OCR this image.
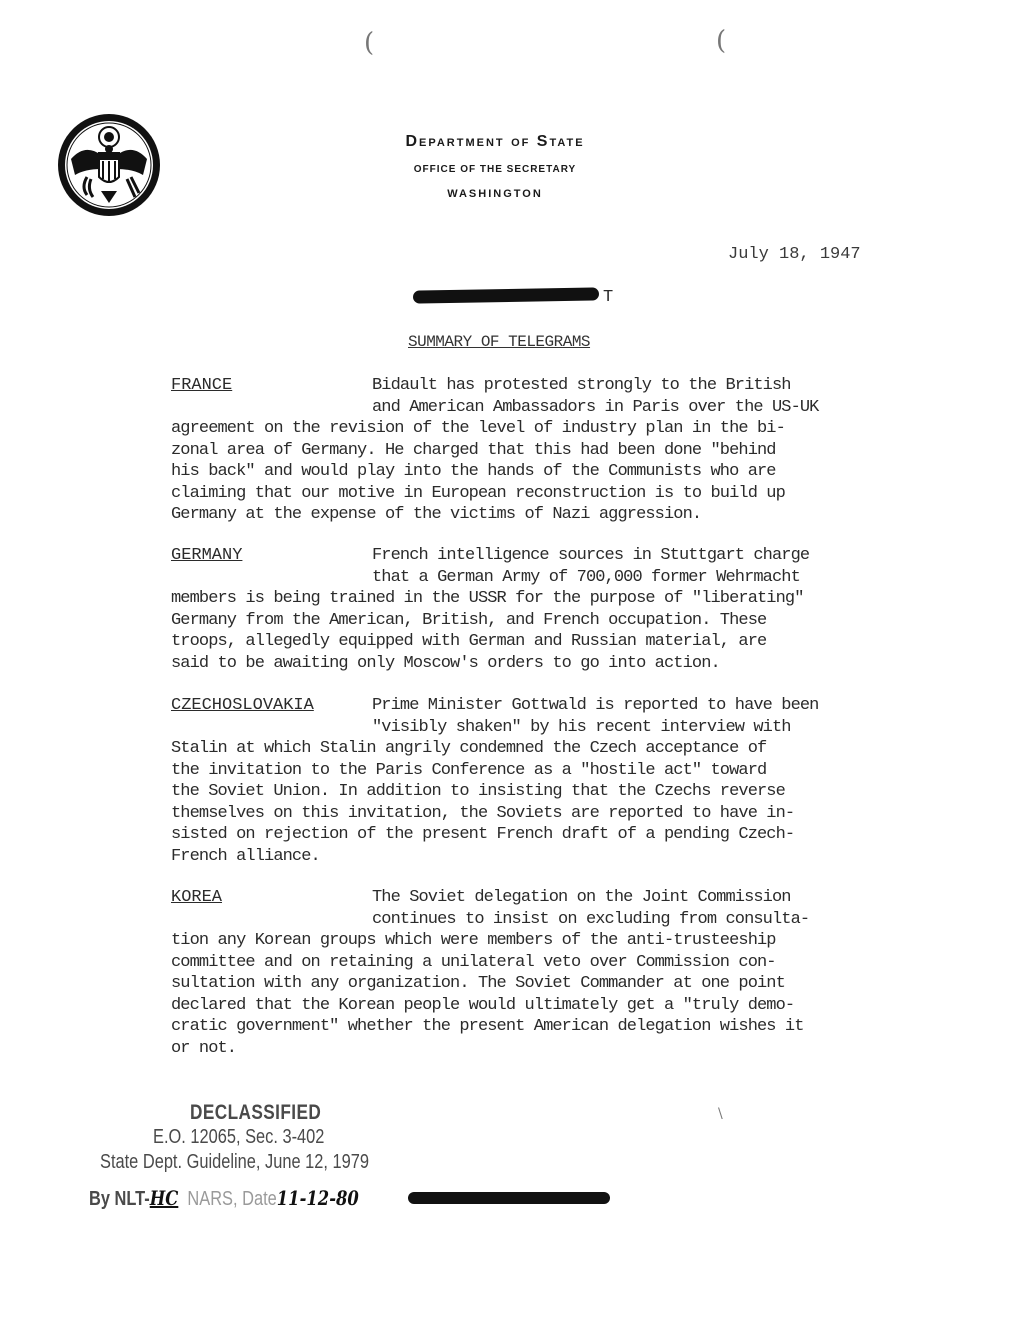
Department of State
OFFICE OF THE SECRETARY
WASHINGTON
July 18, 1947
T
SUMMARY OF TELEGRAMS
FRANCE	Bidault has protested strongly to the British
and American Ambassadors in Paris over the US-UK
agreement on the revision of the level of industry plan in the bi-
zonal area of Germany. He charged that this had been done "behind
his back" and would play into the hands of the Communists who are
claiming that our motive in European reconstruction is to build up
Germany at the expense of the victims of Nazi aggression.
GERMANY	French intelligence sources in Stuttgart charge
that a German Army of 700,000 former Wehrmacht
members is being trained in the USSR for the purpose of "liberating"
Germany from the American, British, and French occupation. These
troops, allegedly equipped with German and Russian material, are
said to be awaiting only Moscow's orders to go into action.
CZECHOSLOVAKIA	Prime Minister Gottwald is reported to have been
"visibly shaken" by his recent interview with
Stalin at which Stalin angrily condemned the Czech acceptance of
the invitation to the Paris Conference as a "hostile act" toward
the Soviet Union. In addition to insisting that the Czechs reverse
themselves on this invitation, the Soviets are reported to have in-
sisted on rejection of the present French draft of a pending Czech-
French alliance.
KOREA	The Soviet delegation on the Joint Commission
continues to insist on excluding from consulta-
tion any Korean groups which were members of the anti-trusteeship
committee and on retaining a unilateral veto over Commission con-
sultation with any organization. The Soviet Commander at one point
declared that the Korean people would ultimately get a "truly demo-
cratic government" whether the present American delegation wishes it
or not.
DECLASSIFIED
E.O. 12065, Sec. 3-402
State Dept. Guideline, June 12, 1979
By NLT-HC NARS, Date11-12-80
(	(
\
